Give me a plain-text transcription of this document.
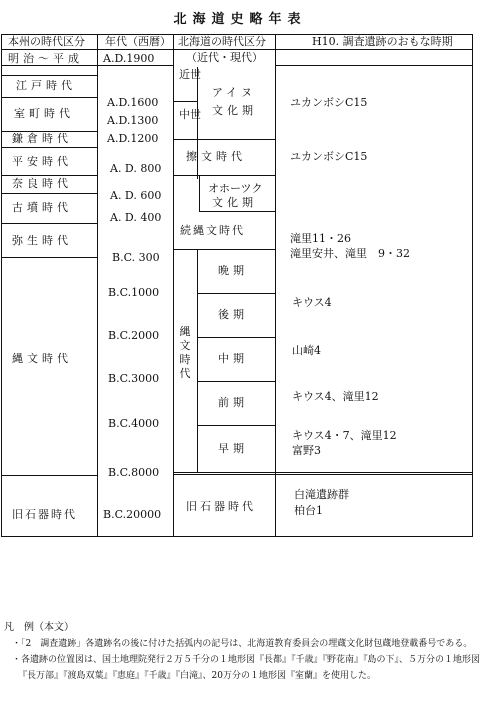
北海道史略年表
本州の時代区分 年代（西暦） 北海道の時代区分
（近代・現代）
H10. 調査遺跡のおもな時期
明治〜平成
江戸時代
室町時代
鎌倉時代
平安時代
奈良時代
古墳時代
弥生時代
縄文時代
旧石器時代
A.D.1900
A.D.1600
A.D.1300
A.D.1200
A. D. 800
A. D. 600
A. D. 400
B.C. 300
B.C.1000
B.C.2000
B.C.3000
B.C.4000
B.C.8000
B.C.20000
近世
中世
アイヌ
文化期
擦文時代
オホーツク
文化期
続縄文時代
縄文時代
晩期
後期
中期
前期
早期
旧石器時代
ユカンボシC15
ユカンボシC15
滝里11・26
滝里安井、滝里　9・32
キウス4
山崎4
キウス4、滝里12
キウス4・7、滝里12
富野3
白滝遺跡群
柏台1
凡　例（本文）
・「2　調査遺跡」各遺跡名の後に付けた括弧内の記号は、北海道教育委員会の埋蔵文化財包蔵地登載番号である。
・各遺跡の位置図は、国土地理院発行２万５千分の１地形図『長都』『千歳』『野花南』『島の下』、５万分の１地形図
『長万部』『渡島双葉』『恵庭』『千歳』『白滝』、20万分の１地形図『室蘭』を使用した。
